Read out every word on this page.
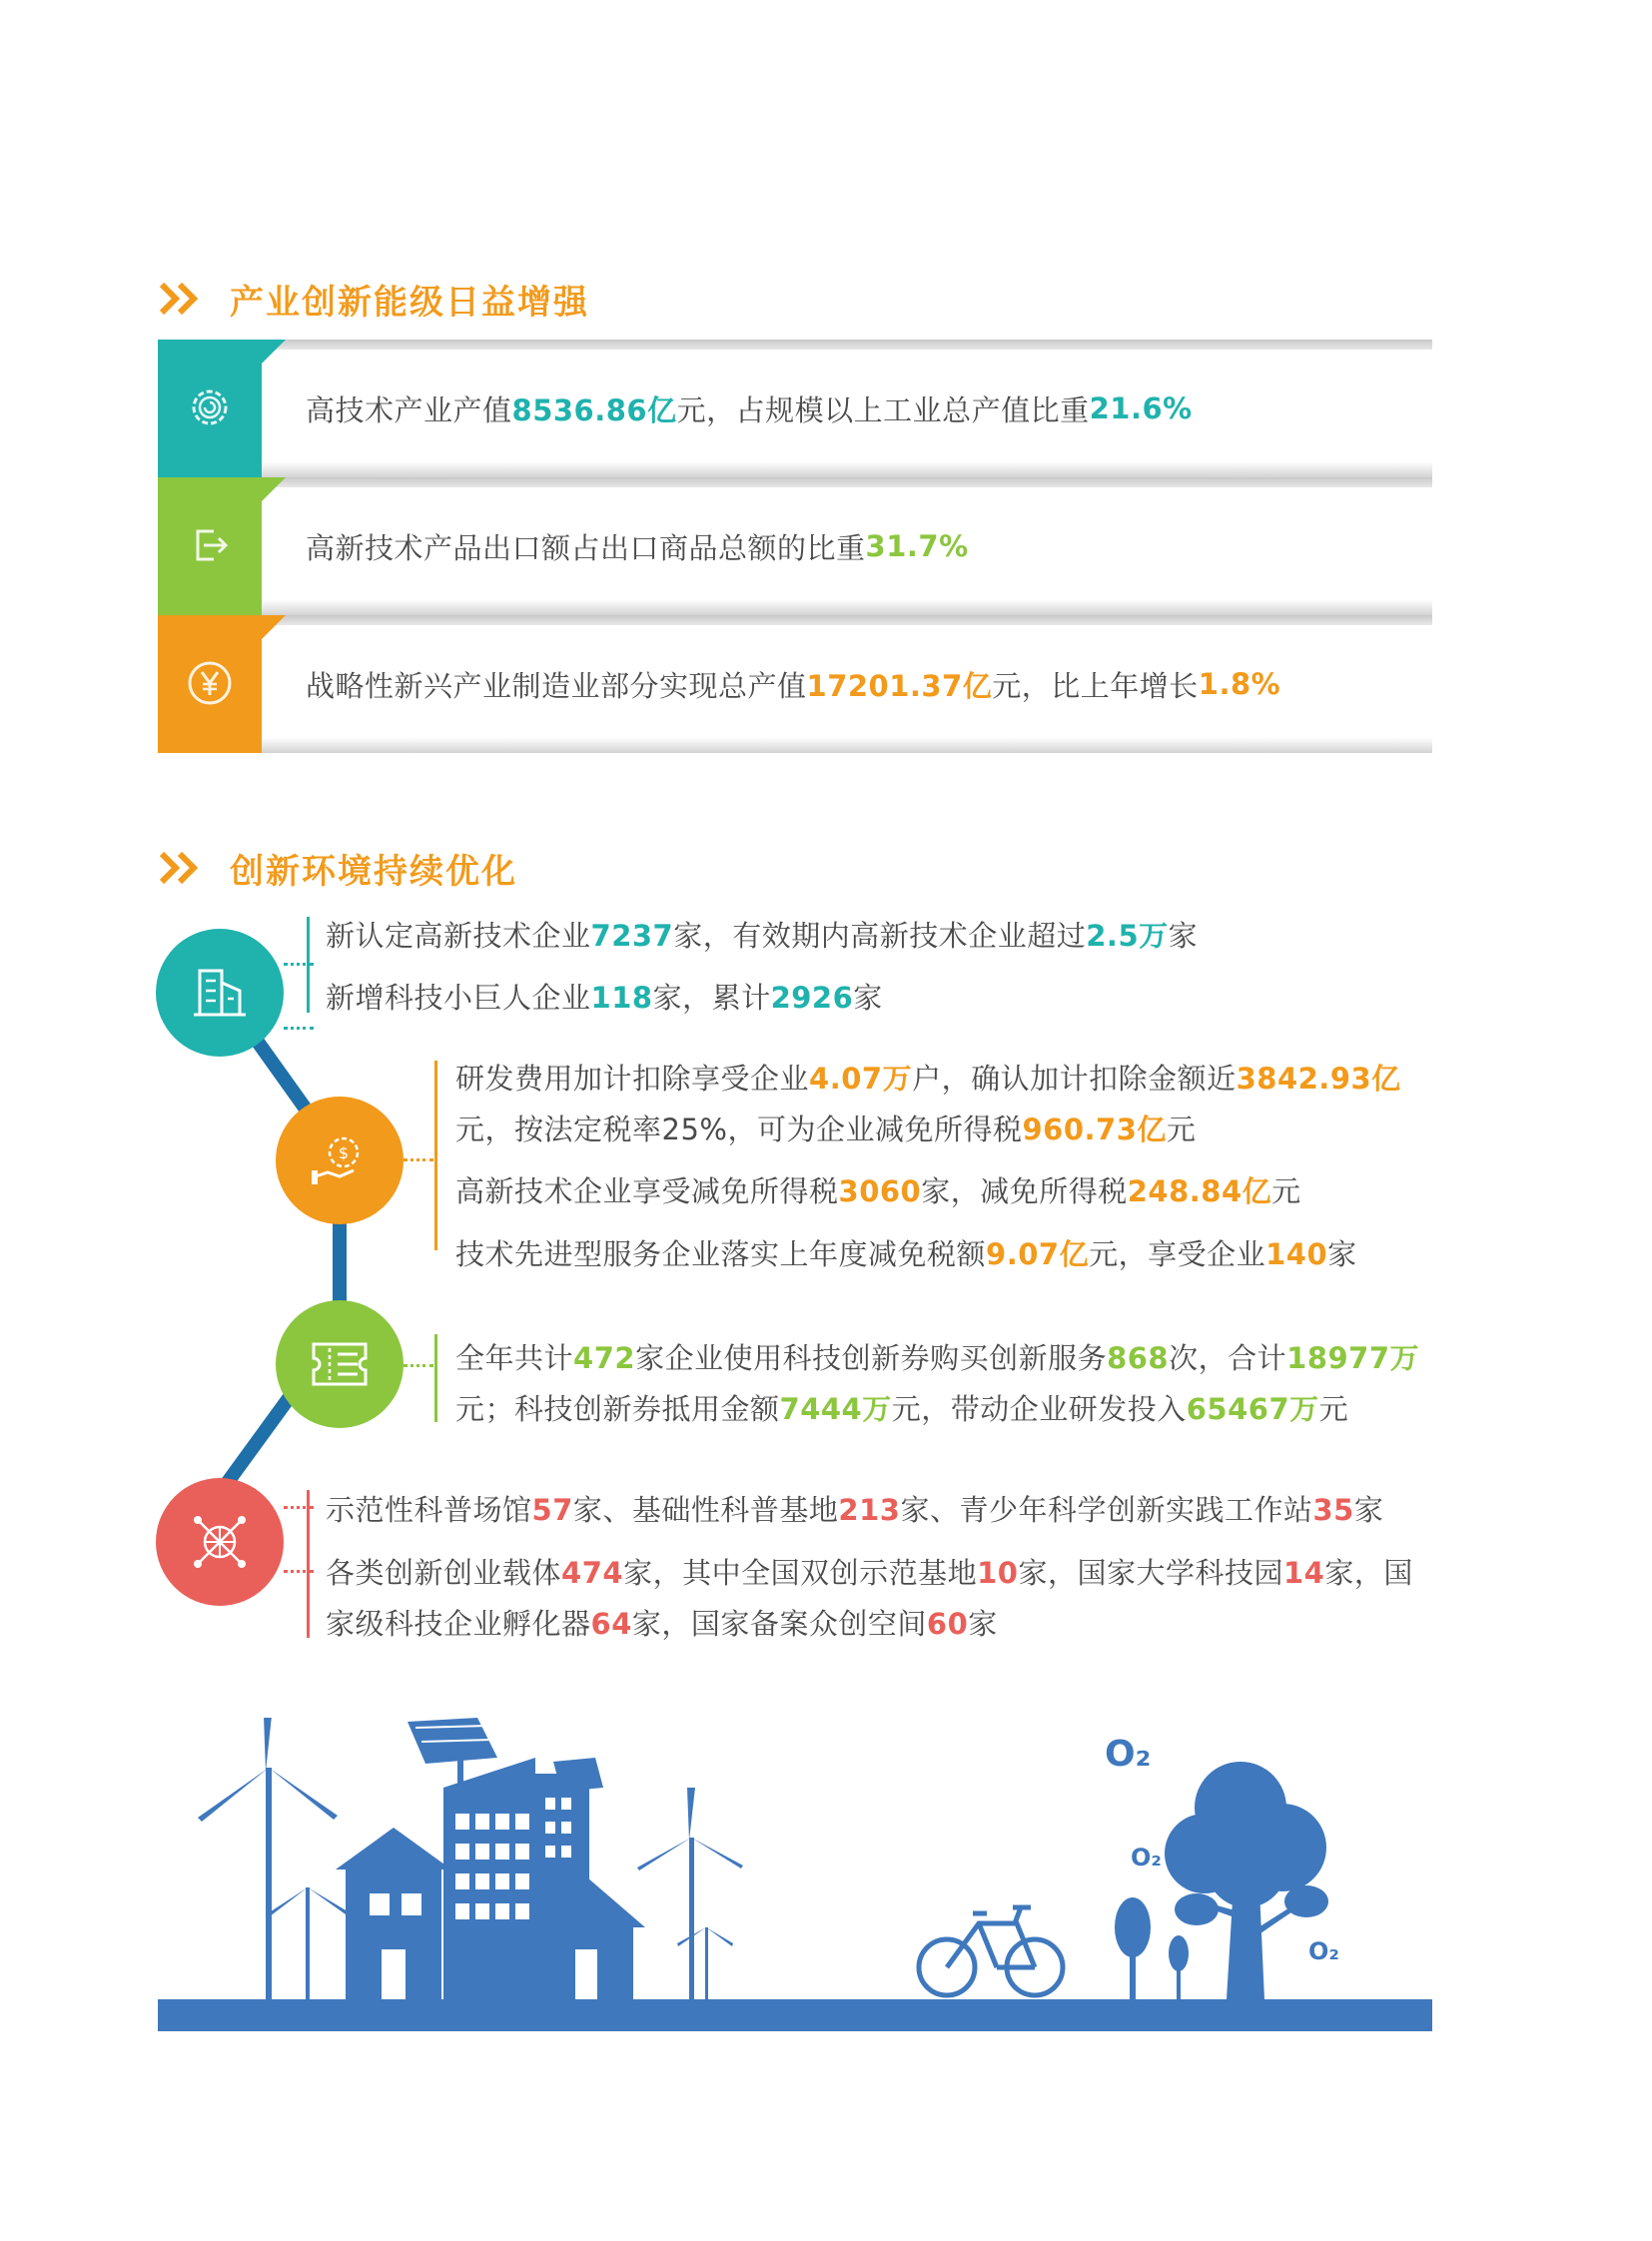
产业创新能级日益增强
高技术产业产值 8536.86亿 元，占规模以上工业总产值比重 21.6%
高新技术产品出口额占出口商品总额的比重 31.7%
战略性新兴产业制造业部分实现总产值 17201.37亿 元，比上年增长 1.8%
创新环境持续优化
新认定高新技术企业7237家，有效期内高新技术企业超过2.5万家
新增科技小巨人企业118家，累计2926家
$
研发费用加计扣除享受企业4.07万户，确认加计扣除金额近3842.93亿
元，按法定税率25%，可为企业减免所得税960.73亿元
高新技术企业享受减免所得税3060家，减免所得税248.84亿元
技术先进型服务企业落实上年度减免税额9.07亿元，享受企业140家
全年共计472家企业使用科技创新券购买创新服务868次，合计18977万
元；科技创新券抵用金额7444万元，带动企业研发投入65467万元
示范性科普场馆57家、基础性科普基地213家、青少年科学创新实践工作站35家
各类创新创业载体474家，其中全国双创示范基地10家，国家大学科技园14家，国
家级科技企业孵化器64家，国家备案众创空间60家
O₂
O₂
O₂
